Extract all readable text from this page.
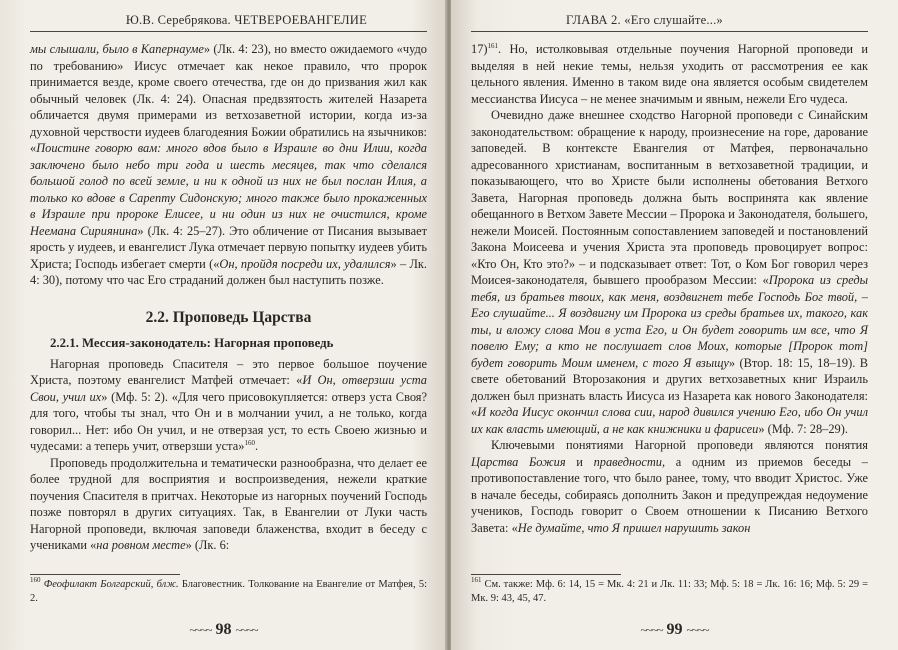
Ю.В. Серебрякова. ЧЕТВЕРОЕВАНГЕЛИЕ

мы слышали, было в Капернауме» (Лк. 4: 23), но вместо ожидаемого «чудо по требованию» Иисус отмечает как некое правило, что пророк принимается везде, кроме своего отечества, где он до призвания жил как обычный человек (Лк. 4: 24). Опасная предвзятость жителей Назарета обличается двумя примерами из ветхозаветной истории, когда из-за духовной черствости иудеев благодеяния Божии обратились на язычников: «Поистине говорю вам: много вдов было в Израиле во дни Илии, когда заключено было небо три года и шесть месяцев, так что сделался большой голод по всей земле, и ни к одной из них не был послан Илия, а только ко вдове в Сарепту Сидонскую; много также было прокаженных в Израиле при пророке Елисее, и ни один из них не очистился, кроме Неемана Сириянина» (Лк. 4: 25–27). Это обличение от Писания вызывает ярость у иудеев, и евангелист Лука отмечает первую попытку иудеев убить Христа; Господь избегает смерти («Он, пройдя посреди их, удалился» – Лк. 4: 30), потому что час Его страданий должен был наступить позже.

2.2. Проповедь Царства
2.2.1. Мессия-законодатель: Нагорная проповедь

Нагорная проповедь Спасителя – это первое большое поучение Христа, поэтому евангелист Матфей отмечает: «И Он, отверзши уста Свои, учил их» (Мф. 5: 2). «Для чего присовокупляется: отверз уста Своя? для того, чтобы ты знал, что Он и в молчании учил, а не только, когда говорил... Нет: ибо Он учил, и не отверзая уст, то есть Своею жизнью и чудесами: а теперь учит, отверзши уста»$^{160}$.

Проповедь продолжительна и тематически разнообразна, что делает ее более трудной для восприятия и воспроизведения, нежели краткие поучения Спасителя в притчах. Некоторые из нагорных поучений Господь позже повторял в других ситуациях. Так, в Евангелии от Луки часть Нагорной проповеди, включая заповеди блаженства, входит в беседу с учениками «на ровном месте» (Лк. 6:

$^{160}$ Феофилакт Болгарский, блж. Благовестник. Толкование на Евангелие от Матфея, 5: 2.
~~~~ 98 ~~~~
ГЛАВА 2. «Его слушайте...»

17)$^{161}$. Но, истолковывая отдельные поучения Нагорной проповеди и выделяя в ней некие темы, нельзя уходить от рассмотрения ее как цельного явления. Именно в таком виде она является особым свидетелем мессианства Иисуса – не менее значимым и явным, нежели Его чудеса.

Очевидно даже внешнее сходство Нагорной проповеди с Синайским законодательством: обращение к народу, произнесение на горе, дарование заповедей. В контексте Евангелия от Матфея, первоначально адресованного христианам, воспитанным в ветхозаветной традиции, и показывающего, что во Христе были исполнены обетования Ветхого Завета, Нагорная проповедь должна быть воспринята как явление обещанного в Ветхом Завете Мессии – Пророка и Законодателя, большего, нежели Моисей. Постоянным сопоставлением заповедей и постановлений Закона Моисеева и учения Христа эта проповедь провоцирует вопрос: «Кто Он, Кто это?» – и подсказывает ответ: Тот, о Ком Бог говорил через Моисея-законодателя, бывшего прообразом Мессии: «Пророка из среды тебя, из братьев твоих, как меня, воздвигнет тебе Господь Бог твой, – Его слушайте... Я воздвигну им Пророка из среды братьев их, такого, как ты, и вложу слова Мои в уста Его, и Он будет говорить им все, что Я повелю Ему; а кто не послушает слов Моих, которые [Пророк тот] будет говорить Моим именем, с того Я взыщу» (Втор. 18: 15, 18–19). В свете обетований Второзакония и других ветхозаветных книг Израиль должен был признать власть Иисуса из Назарета как нового Законодателя: «И когда Иисус окончил слова сии, народ дивился учению Его, ибо Он учил их как власть имеющий, а не как книжники и фарисеи» (Мф. 7: 28–29).

Ключевыми понятиями Нагорной проповеди являются понятия Царства Божия и праведности, а одним из приемов беседы – противопоставление того, что было ранее, тому, что вводит Христос. Уже в начале беседы, собираясь дополнить Закон и предупреждая недоумение учеников, Господь говорит о Своем отношении к Писанию Ветхого Завета: «Не думайте, что Я пришел нарушить закон

$^{161}$ См. также: Мф. 6: 14, 15 = Мк. 4: 21 и Лк. 11: 33; Мф. 5: 18 = Лк. 16: 16; Мф. 5: 29 = Мк. 9: 43, 45, 47.
~~~~ 99 ~~~~
